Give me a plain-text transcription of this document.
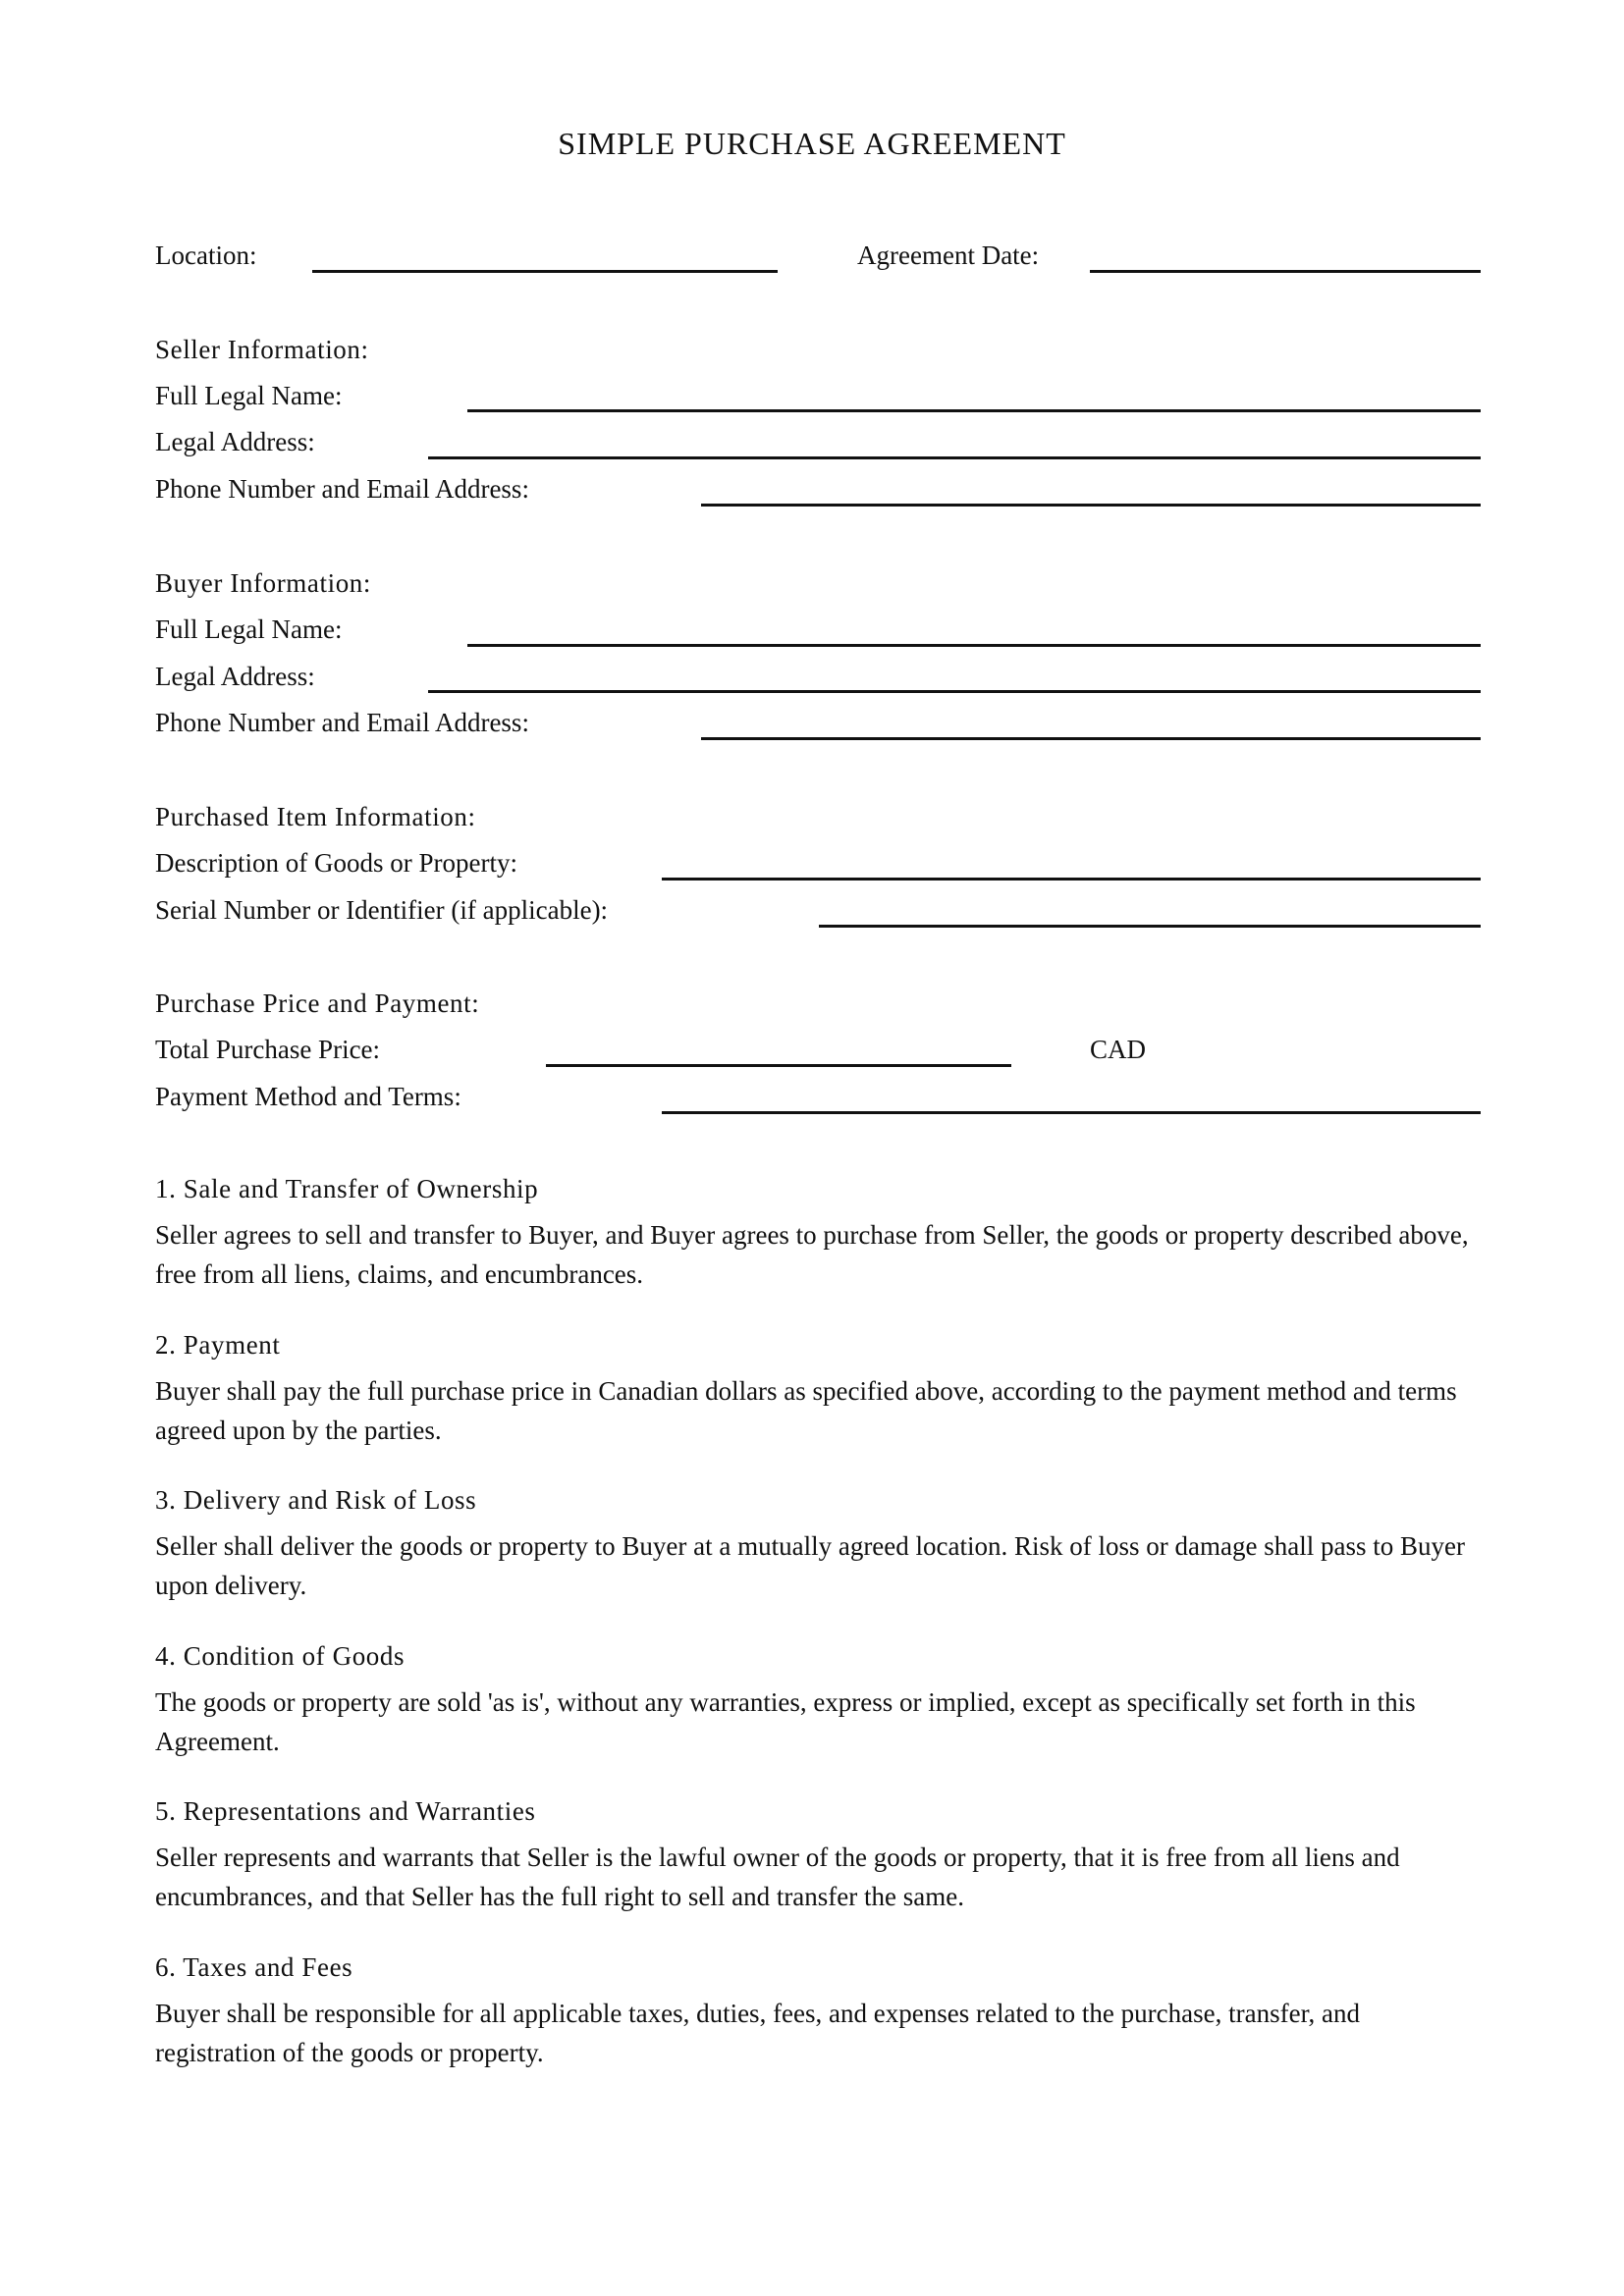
SIMPLE PURCHASE AGREEMENT
Location:	Agreement Date:
Seller Information:
Full Legal Name:
Legal Address:
Phone Number and Email Address:
Buyer Information:
Full Legal Name:
Legal Address:
Phone Number and Email Address:
Purchased Item Information:
Description of Goods or Property:
Serial Number or Identifier (if applicable):
Purchase Price and Payment:
Total Purchase Price:	CAD
Payment Method and Terms:
1. Sale and Transfer of Ownership

Seller agrees to sell and transfer to Buyer, and Buyer agrees to purchase from Seller, the goods or property described above, free from all liens, claims, and encumbrances.

2. Payment

Buyer shall pay the full purchase price in Canadian dollars as specified above, according to the payment method and terms agreed upon by the parties.

3. Delivery and Risk of Loss

Seller shall deliver the goods or property to Buyer at a mutually agreed location. Risk of loss or damage shall pass to Buyer upon delivery.

4. Condition of Goods

The goods or property are sold 'as is', without any warranties, express or implied, except as specifically set forth in this Agreement.

5. Representations and Warranties

Seller represents and warrants that Seller is the lawful owner of the goods or property, that it is free from all liens and encumbrances, and that Seller has the full right to sell and transfer the same.

6. Taxes and Fees

Buyer shall be responsible for all applicable taxes, duties, fees, and expenses related to the purchase, transfer, and registration of the goods or property.
